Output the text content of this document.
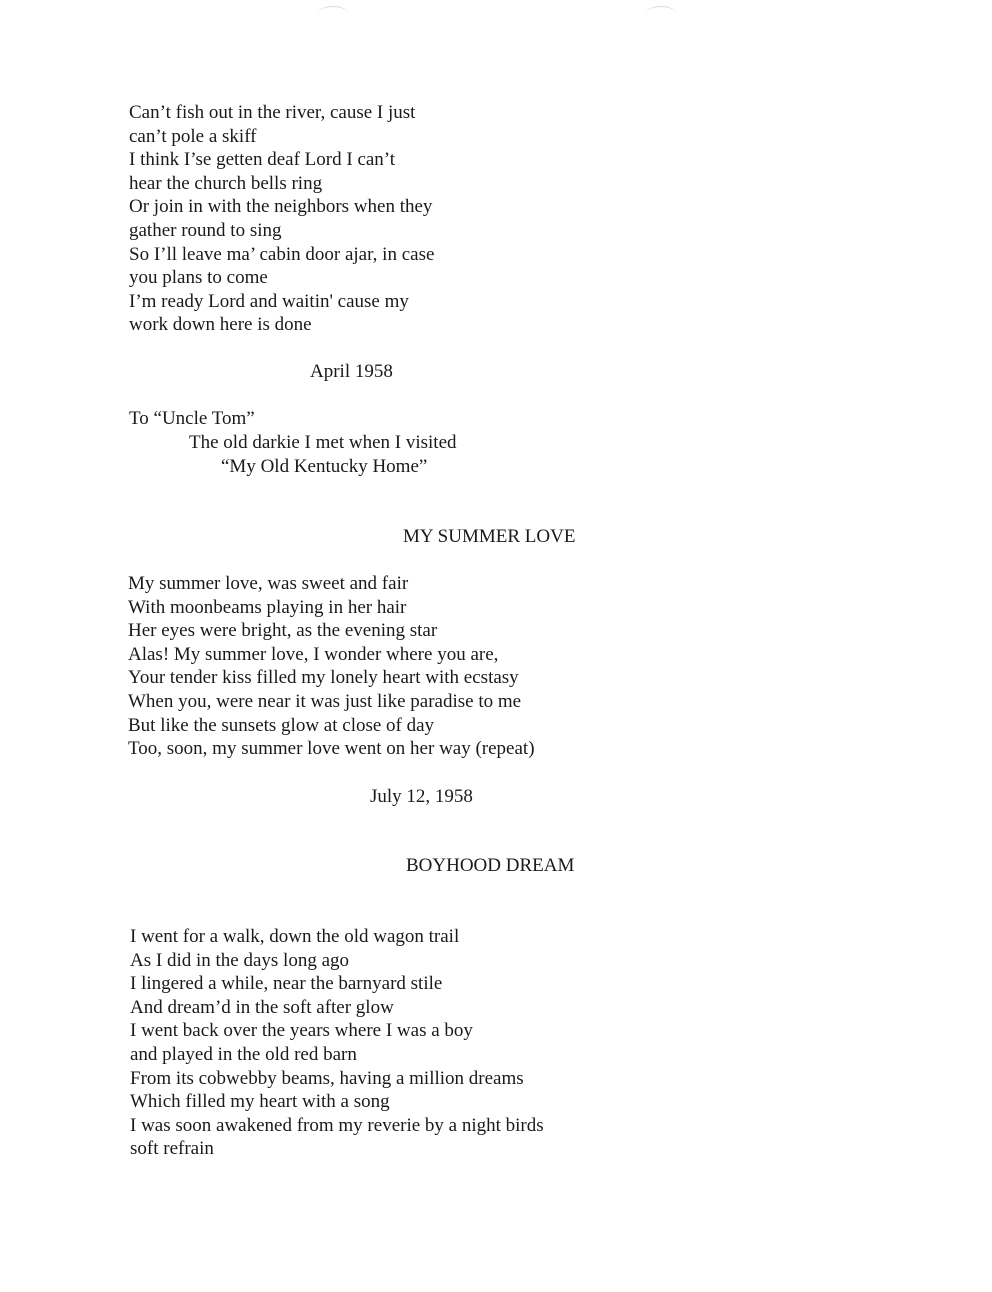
Can’t fish out in the river, cause I just
can’t pole a skiff
I think I’se getten deaf Lord I can’t
hear the church bells ring
Or join in with the neighbors when they
gather round to sing
So I’ll leave ma’ cabin door ajar, in case
you plans to come
I’m ready Lord and waitin' cause my
work down here is done
April 1958
To “Uncle Tom”
The old darkie I met when I visited
“My Old Kentucky Home”
MY SUMMER LOVE
My summer love, was sweet and fair
With moonbeams playing in her hair
Her eyes were bright, as the evening star
Alas! My summer love, I wonder where you are,
Your tender kiss filled my lonely heart with ecstasy
When you, were near it was just like paradise to me
But like the sunsets glow at close of day
Too, soon, my summer love went on her way (repeat)
July 12, 1958
BOYHOOD DREAM
I went for a walk, down the old wagon trail
As I did in the days long ago
I lingered a while, near the barnyard stile
And dream’d in the soft after glow
I went back over the years where I was a boy
and played in the old red barn
From its cobwebby beams, having a million dreams
Which filled my heart with a song
I was soon awakened from my reverie by a night birds
soft refrain
